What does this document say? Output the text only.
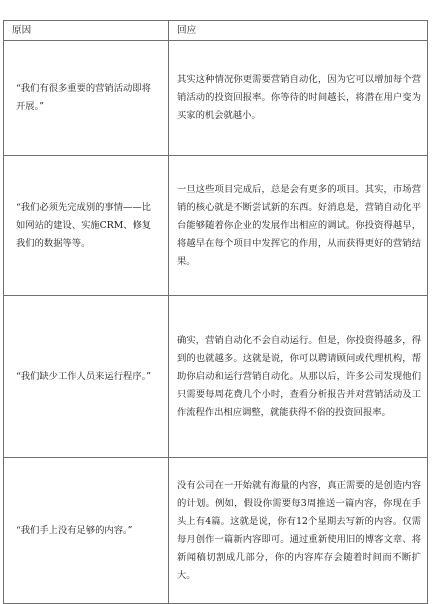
原因	回应
“我们有很多重要的营销活动即将开展。”	其实这种情况你更需要营销自动化，因为它可以增加每个营销活动的投资回报率。你等待的时间越长，将潜在用户变为买家的机会就越小。
“我们必须先完成别的事情——比如网站的建设、实施CRM、修复我们的数据等等。	一旦这些项目完成后，总是会有更多的项目。其实，市场营销的核心就是不断尝试新的东西。好消息是，营销自动化平台能够随着你企业的发展作出相应的调试。你投资得越早，将越早在每个项目中发挥它的作用，从而获得更好的营销结果。
“我们缺少工作人员来运行程序。”	确实，营销自动化不会自动运行。但是，你投资得越多，得到的也就越多。这就是说，你可以聘请顾问或代理机构，帮助你启动和运行营销自动化。从那以后，许多公司发现他们只需要每周花费几个小时，查看分析报告并对营销活动及工作流程作出相应调整，就能获得不俗的投资回报率。
“我们手上没有足够的内容。”	没有公司在一开始就有海量的内容，真正需要的是创造内容的计划。例如，假设你需要每3周推送一篇内容，你现在手头上有4篇。这就是说，你有12个星期去写新的内容。仅需每月创作一篇新内容即可。通过重新使用旧的博客文章、将新闻稿切割成几部分，你的内容库存会随着时间而不断扩大。
